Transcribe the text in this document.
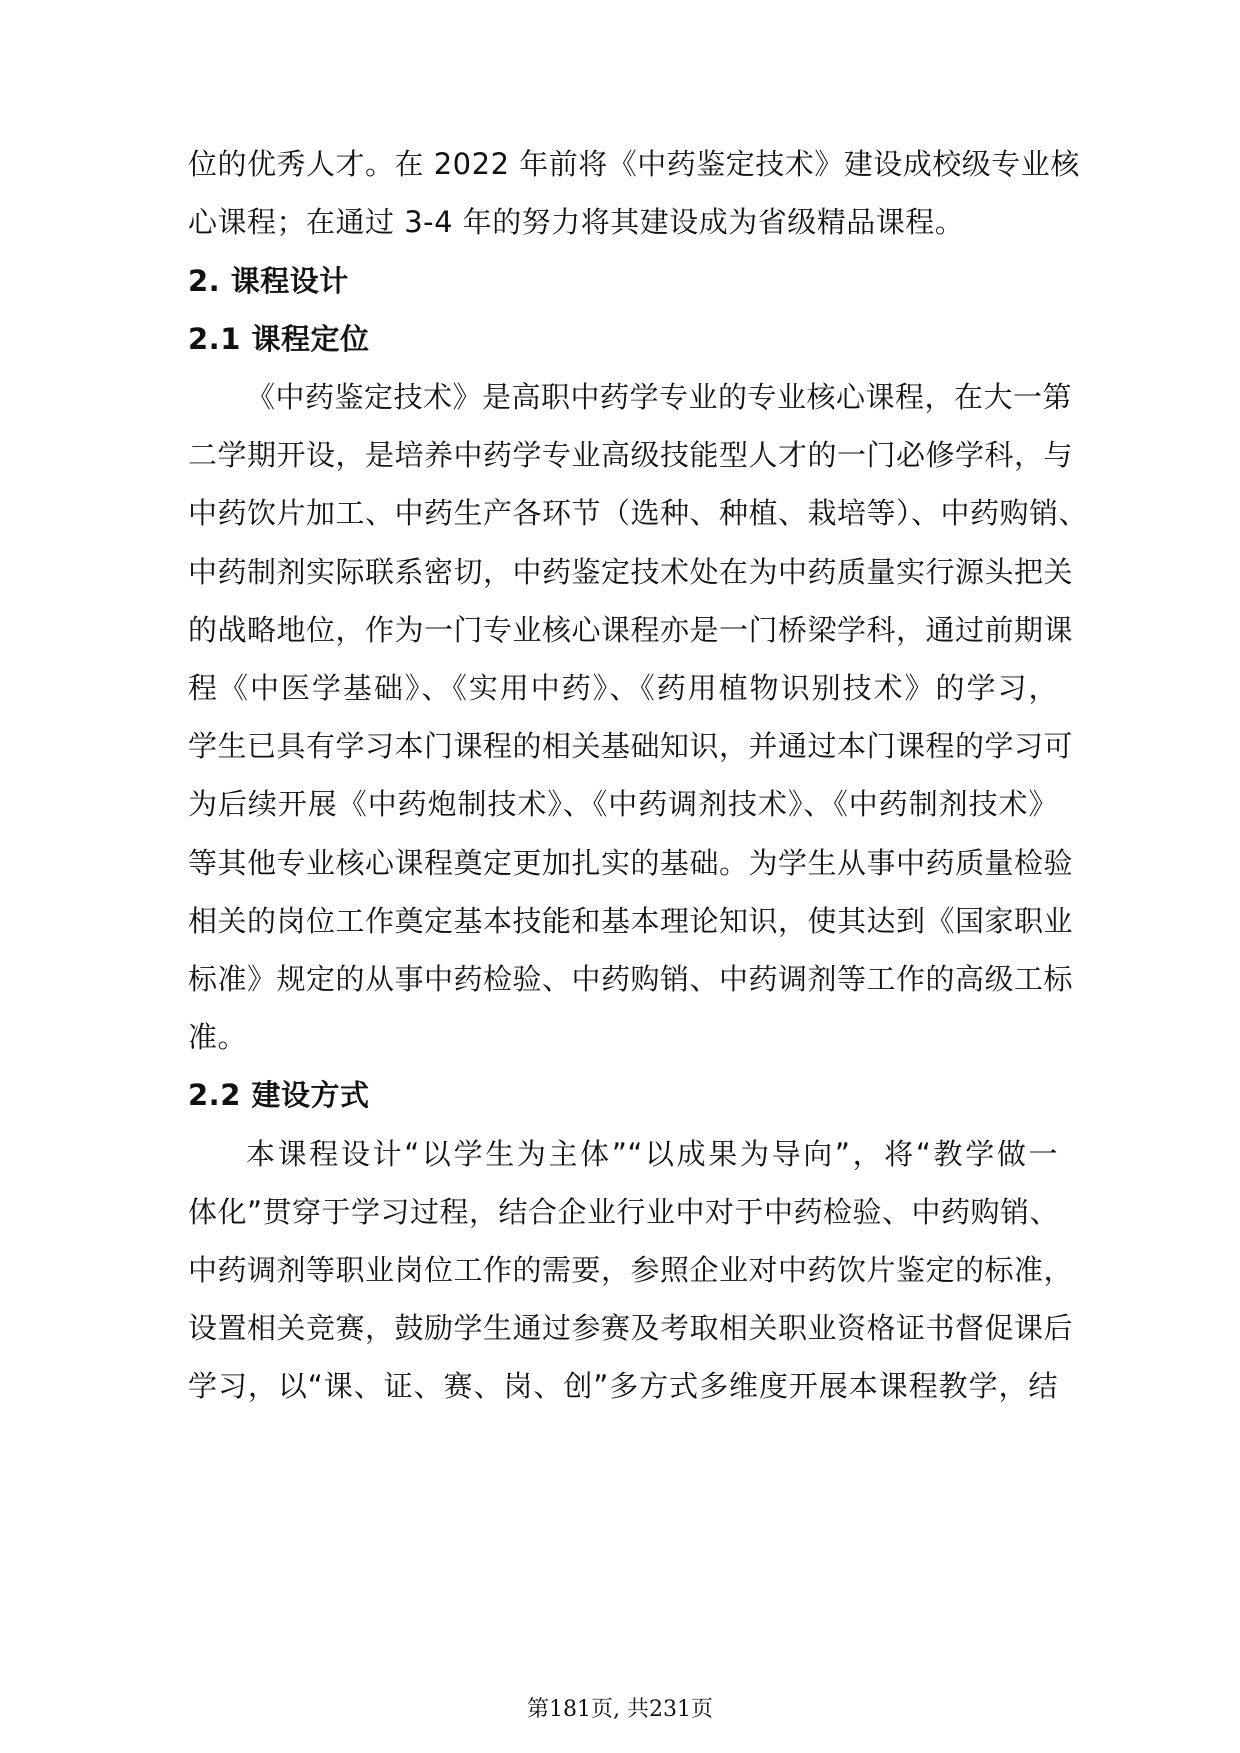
位的优秀人才。在 2022 年前将《中药鉴定技术》建设成校级专业核
心课程；在通过 3-4 年的努力将其建设成为省级精品课程。
2. 课程设计
2.1 课程定位
《中药鉴定技术》是高职中药学专业的专业核心课程，在大一第
二学期开设，是培养中药学专业高级技能型人才的一门必修学科，与
中药饮片加工、中药生产各环节（选种、种植、栽培等）、中药购销、
中药制剂实际联系密切，中药鉴定技术处在为中药质量实行源头把关
的战略地位，作为一门专业核心课程亦是一门桥梁学科，通过前期课
程《中医学基础》、《实用中药》、《药用植物识别技术》的学习，
学生已具有学习本门课程的相关基础知识，并通过本门课程的学习可
为后续开展《中药炮制技术》、《中药调剂技术》、《中药制剂技术》
等其他专业核心课程奠定更加扎实的基础。为学生从事中药质量检验
相关的岗位工作奠定基本技能和基本理论知识，使其达到《国家职业
标准》规定的从事中药检验、中药购销、中药调剂等工作的高级工标
准。
2.2 建设方式
本课程设计“以学生为主体”“以成果为导向”，将“教学做一
体化”贯穿于学习过程，结合企业行业中对于中药检验、中药购销、
中药调剂等职业岗位工作的需要，参照企业对中药饮片鉴定的标准，
设置相关竞赛，鼓励学生通过参赛及考取相关职业资格证书督促课后
学习，以“课、证、赛、岗、创”多方式多维度开展本课程教学，结
第181页, 共231页
